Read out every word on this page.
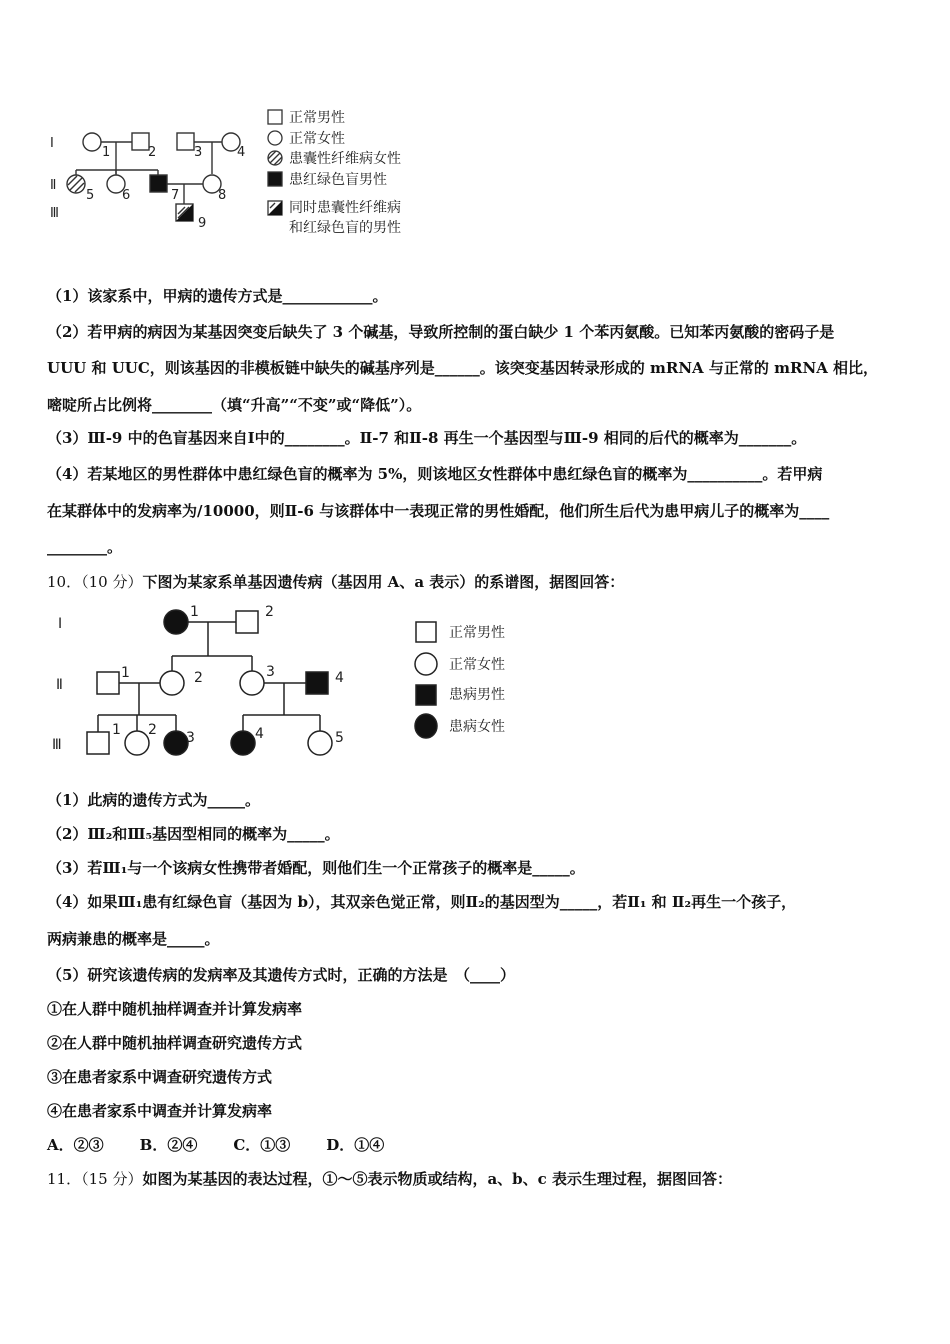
Ⅰ
Ⅱ
Ⅲ
1	2	3	4
5 6	7	8
9
正常男性
正常女性
患囊性纤维病女性
患红绿色盲男性
同时患囊性纤维病
和红绿色盲的男性
（1）该家系中，甲病的遗传方式是____________。
（2）若甲病的病因为某基因突变后缺失了 3 个碱基，导致所控制的蛋白缺少 1 个苯丙氨酸。已知苯丙氨酸的密码子是
UUU 和 UUC，则该基因的非模板链中缺失的碱基序列是______。该突变基因转录形成的 mRNA 与正常的 mRNA 相比，
嘧啶所占比例将________（填“升高”“不变”或“降低”）。
（3）Ⅲ-9 中的色盲基因来自Ⅰ中的________。Ⅱ-7 和Ⅱ-8 再生一个基因型与Ⅲ-9 相同的后代的概率为_______。
（4）若某地区的男性群体中患红绿色盲的概率为 5%，则该地区女性群体中患红绿色盲的概率为__________。若甲病
在某群体中的发病率为/10000，则Ⅱ-6 与该群体中一表现正常的男性婚配，他们所生后代为患甲病儿子的概率为____
________。
10．（10 分）下图为某家系单基因遗传病（基因用 A、a 表示）的系谱图，据图回答：
Ⅰ
Ⅱ
Ⅲ
1	2
1	2	3	4
1 2 3	4	5
正常男性
正常女性
患病男性
患病女性
（1）此病的遗传方式为_____。
（2）Ⅲ₂和Ⅲ₅基因型相同的概率为_____。
（3）若Ⅲ₁与一个该病女性携带者婚配，则他们生一个正常孩子的概率是_____。
（4）如果Ⅲ₁患有红绿色盲（基因为 b），其双亲色觉正常，则Ⅱ₂的基因型为_____，若Ⅱ₁ 和 Ⅱ₂再生一个孩子，
两病兼患的概率是_____。
（5）研究该遗传病的发病率及其遗传方式时，正确的方法是　（____）
①在人群中随机抽样调查并计算发病率
②在人群中随机抽样调查研究遗传方式
③在患者家系中调查研究遗传方式
④在患者家系中调查并计算发病率
A．②③ B．②④ C．①③ D．①④
11．（15 分）如图为某基因的表达过程，①～⑤表示物质或结构，a、b、c 表示生理过程，据图回答：
